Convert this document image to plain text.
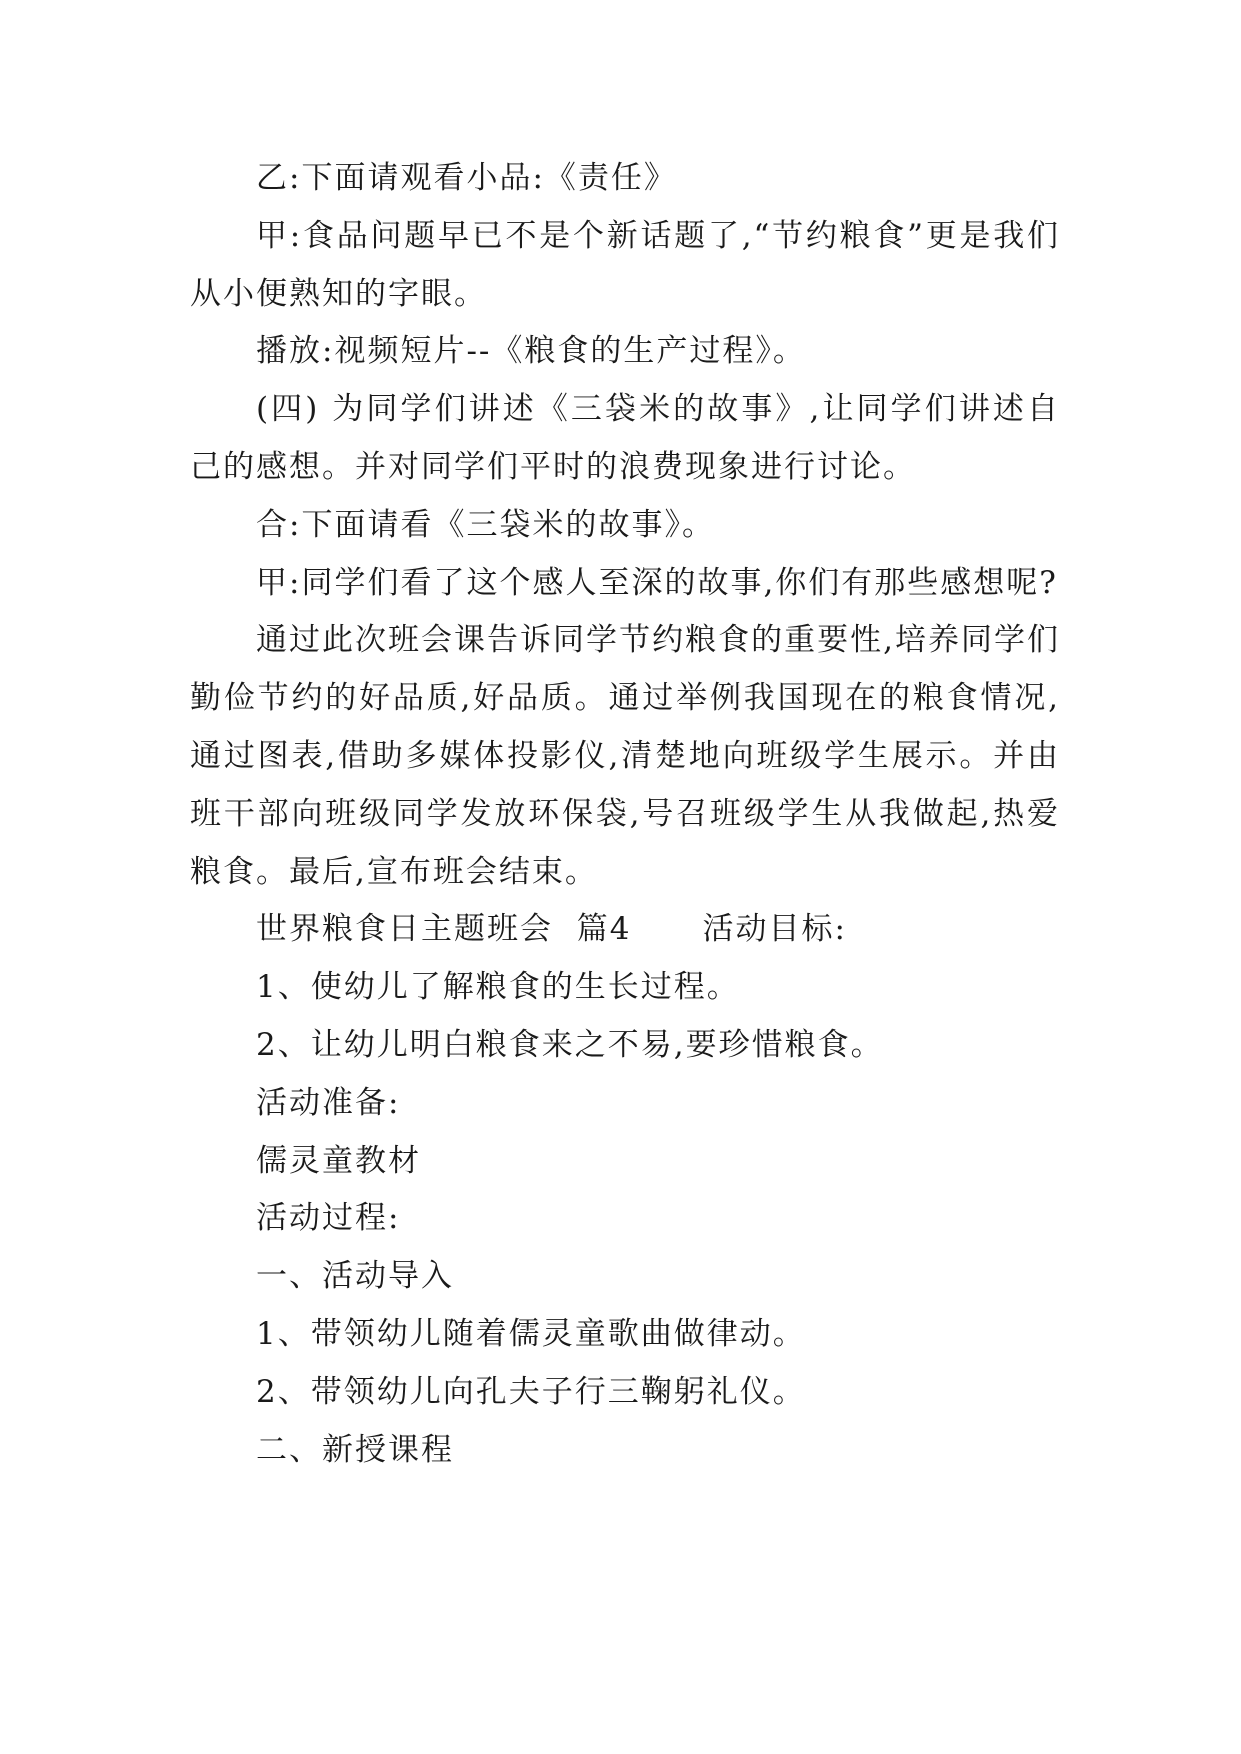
乙:下面请观看小品:《责任》

甲:食品问题早已不是个新话题了,“节约粮食”更是我们从小便熟知的字眼。

播放:视频短片--《粮食的生产过程》。

(四) 为同学们讲述《三袋米的故事》,让同学们讲述自己的感想。并对同学们平时的浪费现象进行讨论。

合:下面请看《三袋米的故事》。

甲:同学们看了这个感人至深的故事,你们有那些感想呢?

通过此次班会课告诉同学节约粮食的重要性,培养同学们勤俭节约的好品质,好品质。通过举例我国现在的粮食情况,通过图表,借助多媒体投影仪,清楚地向班级学生展示。并由班干部向班级同学发放环保袋,号召班级学生从我做起,热爱粮食。最后,宣布班会结束。

世界粮食日主题班会  篇4      活动目标:

1、使幼儿了解粮食的生长过程。

2、让幼儿明白粮食来之不易,要珍惜粮食。

活动准备:

儒灵童教材

活动过程:

一、活动导入

1、带领幼儿随着儒灵童歌曲做律动。

2、带领幼儿向孔夫子行三鞠躬礼仪。

二、新授课程
